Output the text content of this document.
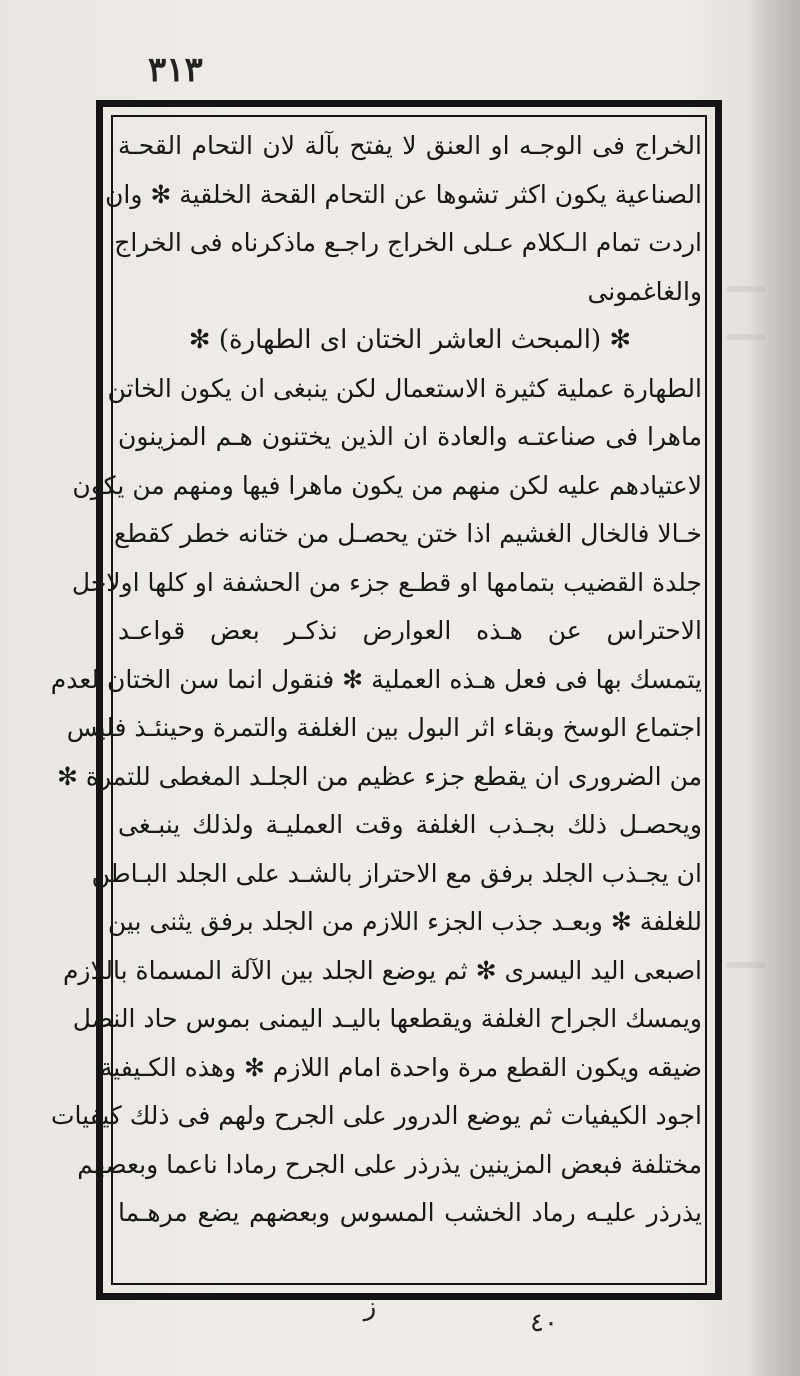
٣١٣
الخراج فى الوجـه او العنق لا يفتح بآلة لان التحام القحـة
الصناعية يكون اكثر تشوها عن التحام القحة الخلقية ✻ وان
اردت تمام الـكلام عـلى الخراج راجـع ماذكرناه فى الخراج
والغاغمونى
✻ (المبحث العاشر الختان اى الطهارة) ✻
الطهارة عملية كثيرة الاستعمال لكن ينبغى ان يكون الخاتن
ماهرا فى صناعتـه والعادة ان الذين يختنون هـم المزينون
لاعتيادهم عليه لكن منهم من يكون ماهرا فيها ومنهم من يكون
خـالا فالخال الغشيم اذا ختن يحصـل من ختانه خطر كقطع
جلدة القضيب بتمامها او قطـع جزء من الحشفة او كلها اولاجل
الاحتراس عن هـذه العوارض نذكـر بعض قواعـد
يتمسك بها فى فعل هـذه العملية ✻ فنقول انما سن الختان لعدم
اجتماع الوسخ وبقاء اثر البول بين الغلفة والتمرة وحينئـذ فليس
من الضرورى ان يقطع جزء عظيم من الجلـد المغطى للتمرة ✻
ويحصـل ذلك بجـذب الغلفة وقت العمليـة ولذلك ينبـغى
ان يجـذب الجلد برفق مع الاحتراز بالشـد على الجلد البـاطن
للغلفة ✻ وبعـد جذب الجزء اللازم من الجلد برفق يثنى بين
اصبعى اليد اليسرى ✻ ثم يوضع الجلد بين الآلة المسماة باللازم
ويمسك الجراح الغلفة ويقطعها باليـد اليمنى بموس حاد النصل
ضيقه ويكون القطع مرة واحدة امام اللازم ✻ وهذه الكـيفية
اجود الكيفيات ثم يوضع الدرور على الجرح ولهم فى ذلك كيفيات
مختلفة فبعض المزينين يذرذر على الجرح رمادا ناعما وبعضهم
يذرذر عليـه رماد الخشب المسوس وبعضهم يضع مرهـما
ز
٤٠
